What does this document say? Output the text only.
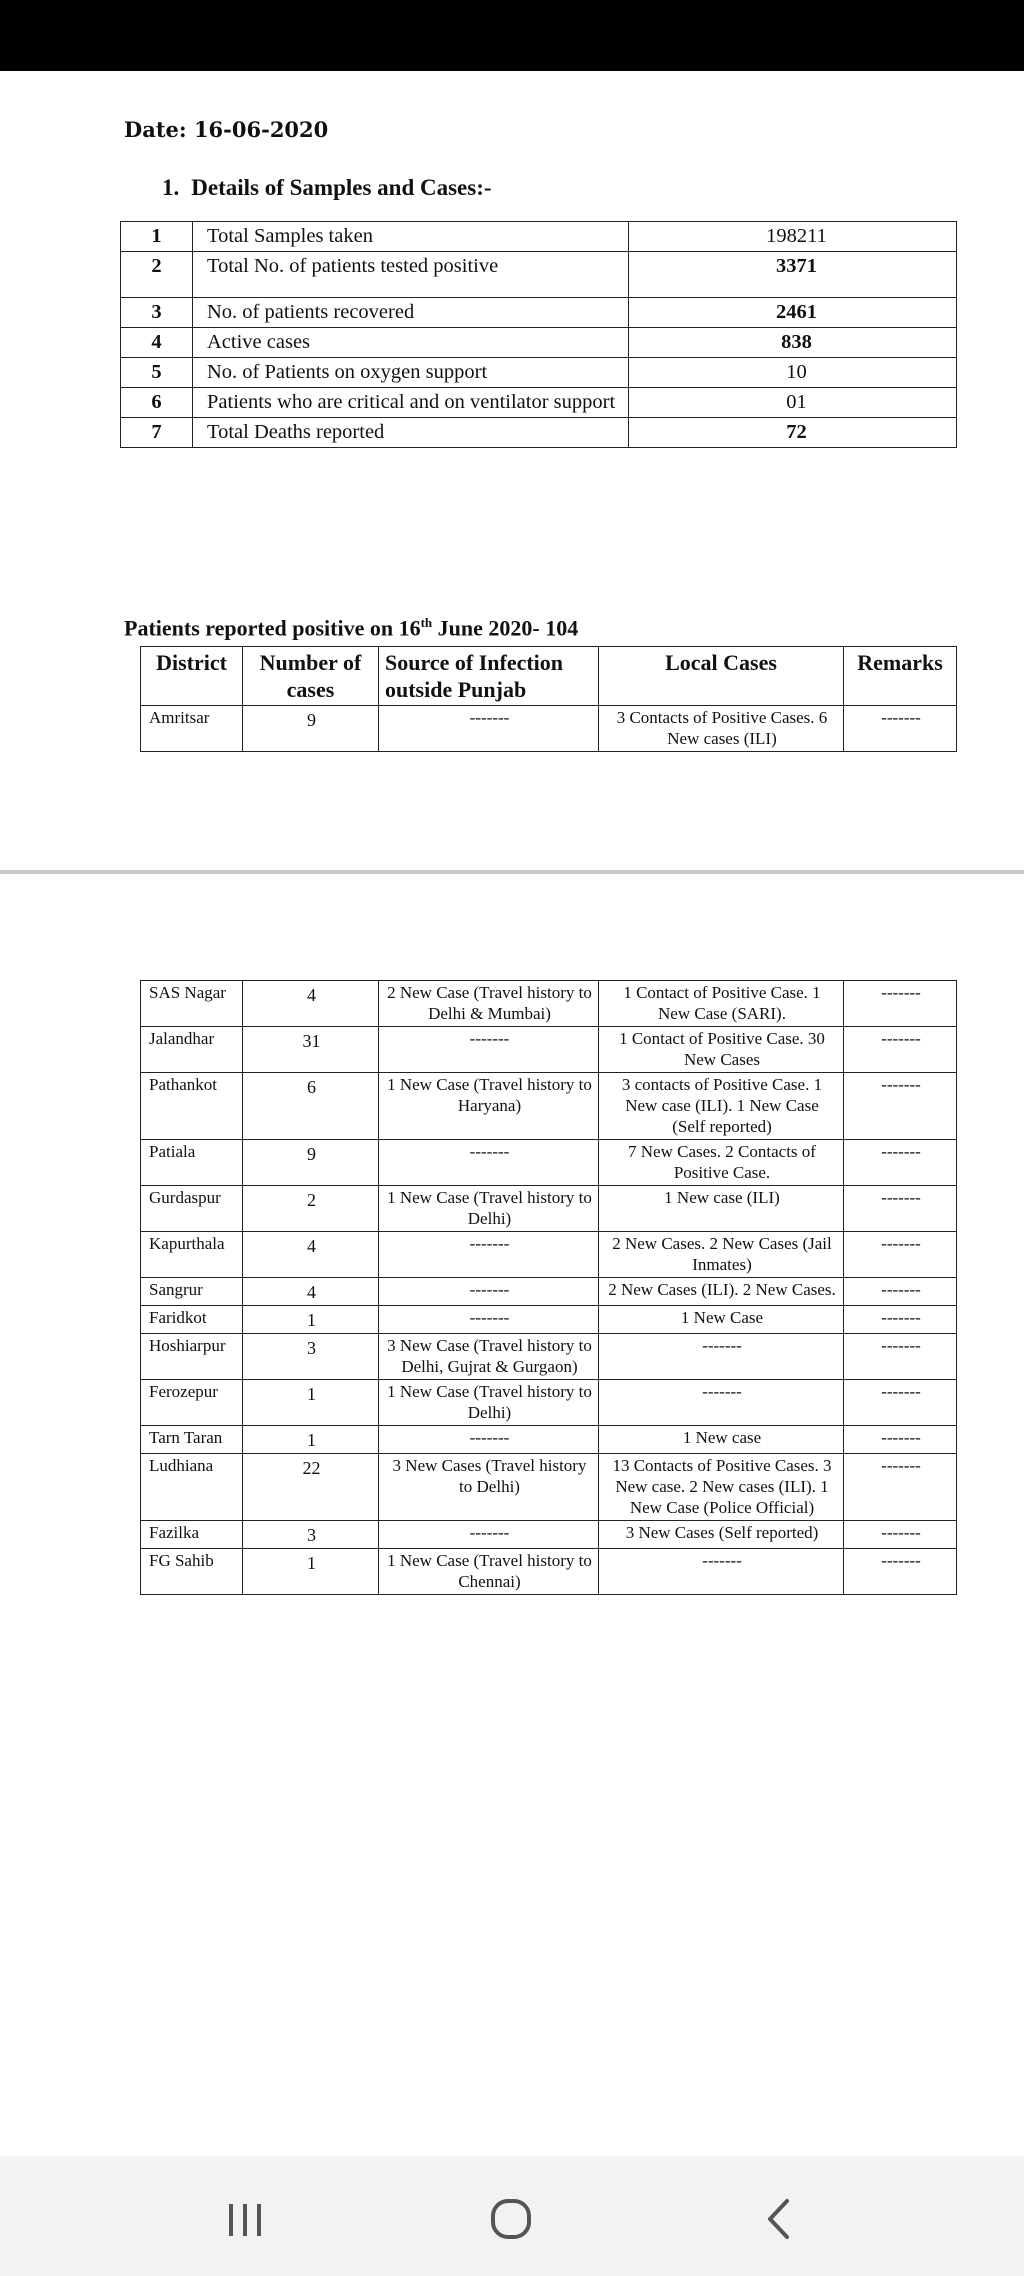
Date: 16-06-2020
1. Details of Samples and Cases:-
1	Total Samples taken	198211
2	Total No. of patients tested positive	3371
3	No. of patients recovered	2461
4	Active cases	838
5	No. of Patients on oxygen support	10
6	Patients who are critical and on ventilator support	01
7	Total Deaths reported	72
Patients reported positive on 16th June 2020- 104
District	Number of cases	Source of Infection outside Punjab	Local Cases	Remarks
Amritsar	9	-------	3 Contacts of Positive Cases. 6 New cases (ILI)	-------
SAS Nagar	4	2 New Case (Travel history to Delhi & Mumbai)	1 Contact of Positive Case. 1 New Case (SARI).	-------
Jalandhar	31	-------	1 Contact of Positive Case. 30 New Cases	-------
Pathankot	6	1 New Case (Travel history to Haryana)	3 contacts of Positive Case. 1 New case (ILI). 1 New Case (Self reported)	-------
Patiala	9	-------	7 New Cases. 2 Contacts of Positive Case.	-------
Gurdaspur	2	1 New Case (Travel history to Delhi)	1 New case (ILI)	-------
Kapurthala	4	-------	2 New Cases. 2 New Cases (Jail Inmates)	-------
Sangrur	4	-------	2 New Cases (ILI). 2 New Cases.	-------
Faridkot	1	-------	1 New Case	-------
Hoshiarpur	3	3 New Case (Travel history to Delhi, Gujrat & Gurgaon)	-------	-------
Ferozepur	1	1 New Case (Travel history to Delhi)	-------	-------
Tarn Taran	1	-------	1 New case	-------
Ludhiana	22	3 New Cases (Travel history to Delhi)	13 Contacts of Positive Cases. 3 New case. 2 New cases (ILI). 1 New Case (Police Official)	-------
Fazilka	3	-------	3 New Cases (Self reported)	-------
FG Sahib	1	1 New Case (Travel history to Chennai)	-------	-------
